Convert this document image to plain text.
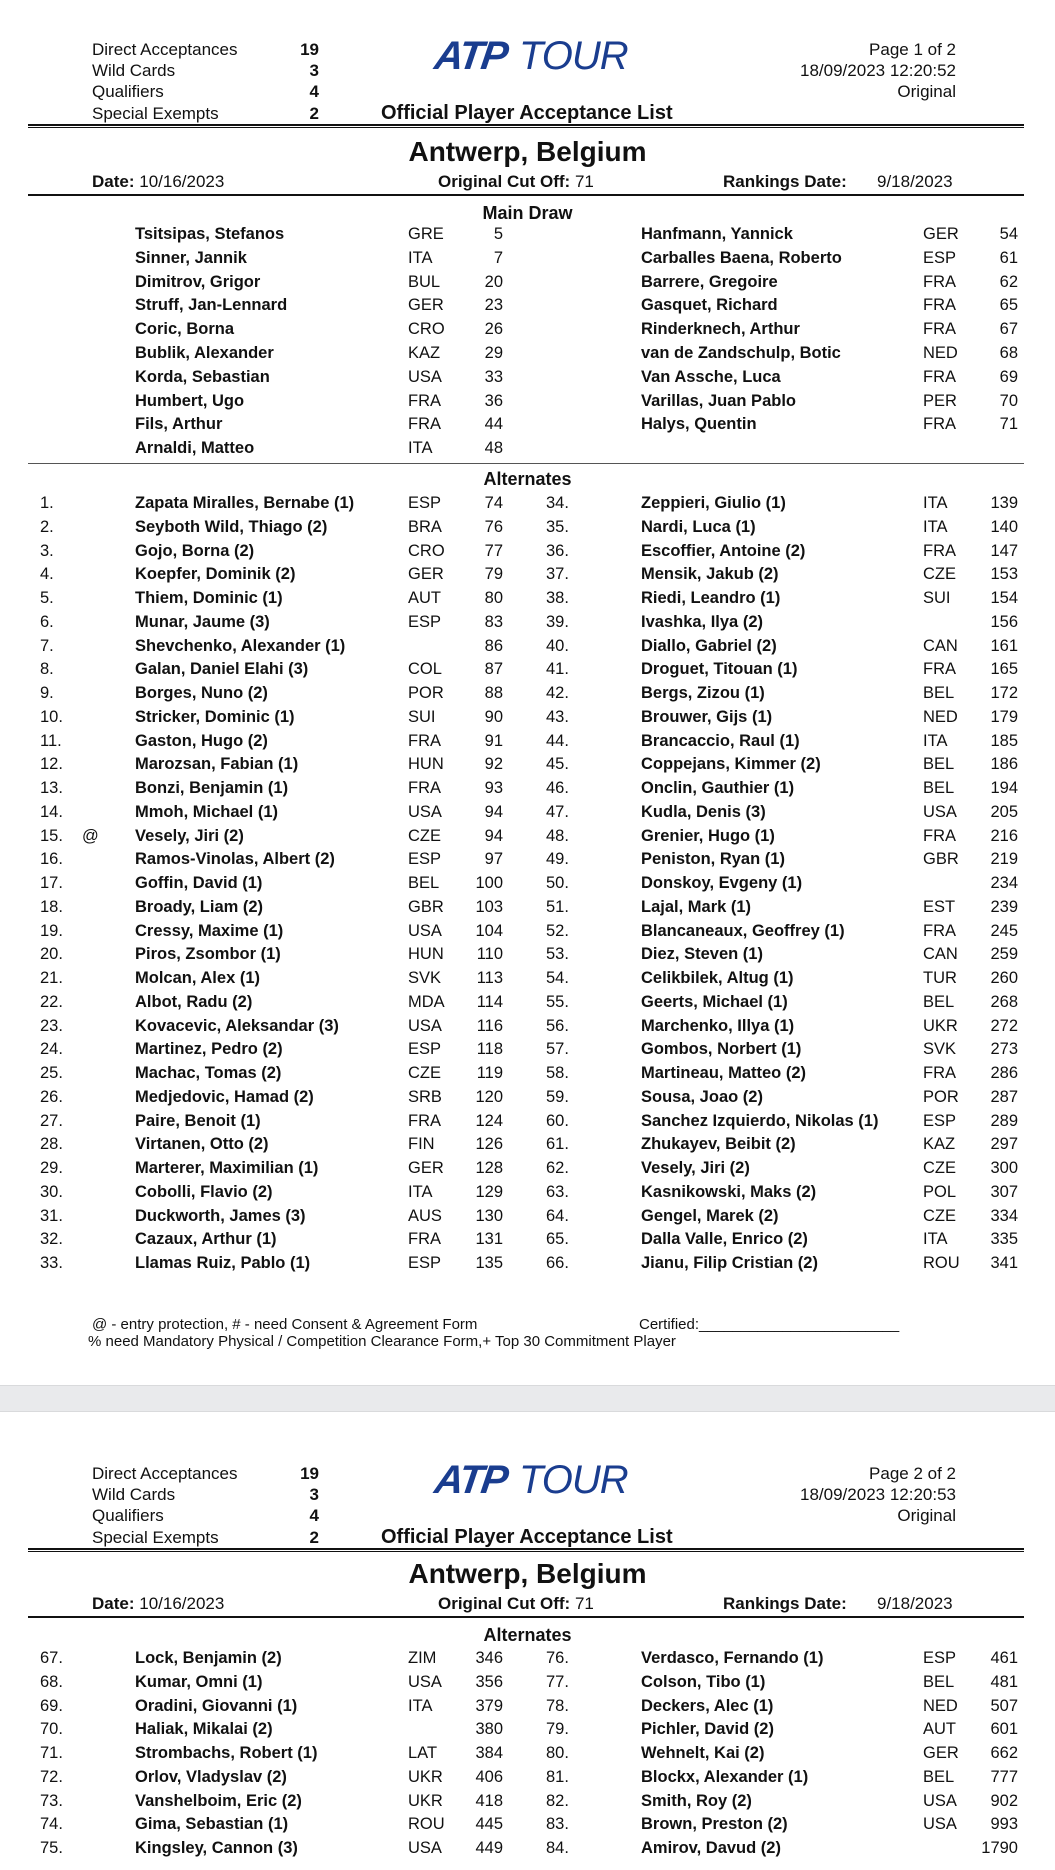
Direct Acceptances	19
Wild Cards	3
Qualifiers	4
Special Exempts	2
ATP TOUR	Page 1 of 2
18/09/2023 12:20:52
Original
Official Player Acceptance List
Antwerp, Belgium
Date: 10/16/2023	Original Cut Off: 71	Rankings Date: 9/18/2023
Main Draw
Tsitsipas, Stefanos	GRE	5	Hanfmann, Yannick	GER	54
Sinner, Jannik	ITA	7	Carballes Baena, Roberto	ESP	61
Dimitrov, Grigor	BUL	20	Barrere, Gregoire	FRA	62
Struff, Jan-Lennard	GER	23	Gasquet, Richard	FRA	65
Coric, Borna	CRO	26	Rinderknech, Arthur	FRA	67
Bublik, Alexander	KAZ	29	van de Zandschulp, Botic	NED	68
Korda, Sebastian	USA	33	Van Assche, Luca	FRA	69
Humbert, Ugo	FRA	36	Varillas, Juan Pablo	PER	70
Fils, Arthur	FRA	44	Halys, Quentin	FRA	71
Arnaldi, Matteo	ITA	48
Alternates
1.	Zapata Miralles, Bernabe (1)	ESP	74	34.	Zeppieri, Giulio (1)	ITA	139
2.	Seyboth Wild, Thiago (2)	BRA	76	35.	Nardi, Luca (1)	ITA	140
3.	Gojo, Borna (2)	CRO	77	36.	Escoffier, Antoine (2)	FRA	147
4.	Koepfer, Dominik (2)	GER	79	37.	Mensik, Jakub (2)	CZE	153
5.	Thiem, Dominic (1)	AUT	80	38.	Riedi, Leandro (1)	SUI	154
6.	Munar, Jaume (3)	ESP	83	39.	Ivashka, Ilya (2)	156
7.	Shevchenko, Alexander (1)	86	40.	Diallo, Gabriel (2)	CAN	161
8.	Galan, Daniel Elahi (3)	COL	87	41.	Droguet, Titouan (1)	FRA	165
9.	Borges, Nuno (2)	POR	88	42.	Bergs, Zizou (1)	BEL	172
10.	Stricker, Dominic (1)	SUI	90	43.	Brouwer, Gijs (1)	NED	179
11.	Gaston, Hugo (2)	FRA	91	44.	Brancaccio, Raul (1)	ITA	185
12.	Marozsan, Fabian (1)	HUN	92	45.	Coppejans, Kimmer (2)	BEL	186
13.	Bonzi, Benjamin (1)	FRA	93	46.	Onclin, Gauthier (1)	BEL	194
14.	Mmoh, Michael (1)	USA	94	47.	Kudla, Denis (3)	USA	205
15. @ Vesely, Jiri (2)	CZE	94	48.	Grenier, Hugo (1)	FRA	216
16.	Ramos-Vinolas, Albert (2)	ESP	97	49.	Peniston, Ryan (1)	GBR	219
17.	Goffin, David (1)	BEL	100	50.	Donskoy, Evgeny (1)	234
18.	Broady, Liam (2)	GBR	103	51.	Lajal, Mark (1)	EST	239
19.	Cressy, Maxime (1)	USA	104	52.	Blancaneaux, Geoffrey (1)	FRA	245
20.	Piros, Zsombor (1)	HUN	110	53.	Diez, Steven (1)	CAN	259
21.	Molcan, Alex (1)	SVK	113	54.	Celikbilek, Altug (1)	TUR	260
22.	Albot, Radu (2)	MDA	114	55.	Geerts, Michael (1)	BEL	268
23.	Kovacevic, Aleksandar (3)	USA	116	56.	Marchenko, Illya (1)	UKR	272
24.	Martinez, Pedro (2)	ESP	118	57.	Gombos, Norbert (1)	SVK	273
25.	Machac, Tomas (2)	CZE	119	58.	Martineau, Matteo (2)	FRA	286
26.	Medjedovic, Hamad (2)	SRB	120	59.	Sousa, Joao (2)	POR	287
27.	Paire, Benoit (1)	FRA	124	60.	Sanchez Izquierdo, Nikolas (1)	ESP	289
28.	Virtanen, Otto (2)	FIN	126	61.	Zhukayev, Beibit (2)	KAZ	297
29.	Marterer, Maximilian (1)	GER	128	62.	Vesely, Jiri (2)	CZE	300
30.	Cobolli, Flavio (2)	ITA	129	63.	Kasnikowski, Maks (2)	POL	307
31.	Duckworth, James (3)	AUS	130	64.	Gengel, Marek (2)	CZE	334
32.	Cazaux, Arthur (1)	FRA	131	65.	Dalla Valle, Enrico (2)	ITA	335
33.	Llamas Ruiz, Pablo (1)	ESP	135	66.	Jianu, Filip Cristian (2)	ROU	341
@ - entry protection, # - need Consent & Agreement Form	Certified:________________________
% need Mandatory Physical / Competition Clearance Form,+ Top 30 Commitment Player
Direct Acceptances	19
Wild Cards	3
Qualifiers	4
Special Exempts	2
ATP TOUR	Page 2 of 2
18/09/2023 12:20:53
Original
Official Player Acceptance List
Antwerp, Belgium
Date: 10/16/2023	Original Cut Off: 71	Rankings Date: 9/18/2023
Alternates
67.	Lock, Benjamin (2)	ZIM	346	76.	Verdasco, Fernando (1)	ESP	461
68.	Kumar, Omni (1)	USA	356	77.	Colson, Tibo (1)	BEL	481
69.	Oradini, Giovanni (1)	ITA	379	78.	Deckers, Alec (1)	NED	507
70.	Haliak, Mikalai (2)	380	79.	Pichler, David (2)	AUT	601
71.	Strombachs, Robert (1)	LAT	384	80.	Wehnelt, Kai (2)	GER	662
72.	Orlov, Vladyslav (2)	UKR	406	81.	Blockx, Alexander (1)	BEL	777
73.	Vanshelboim, Eric (2)	UKR	418	82.	Smith, Roy (2)	USA	902
74.	Gima, Sebastian (1)	ROU	445	83.	Brown, Preston (2)	USA	993
75.	Kingsley, Cannon (3)	USA	449	84.	Amirov, Davud (2)	1790
